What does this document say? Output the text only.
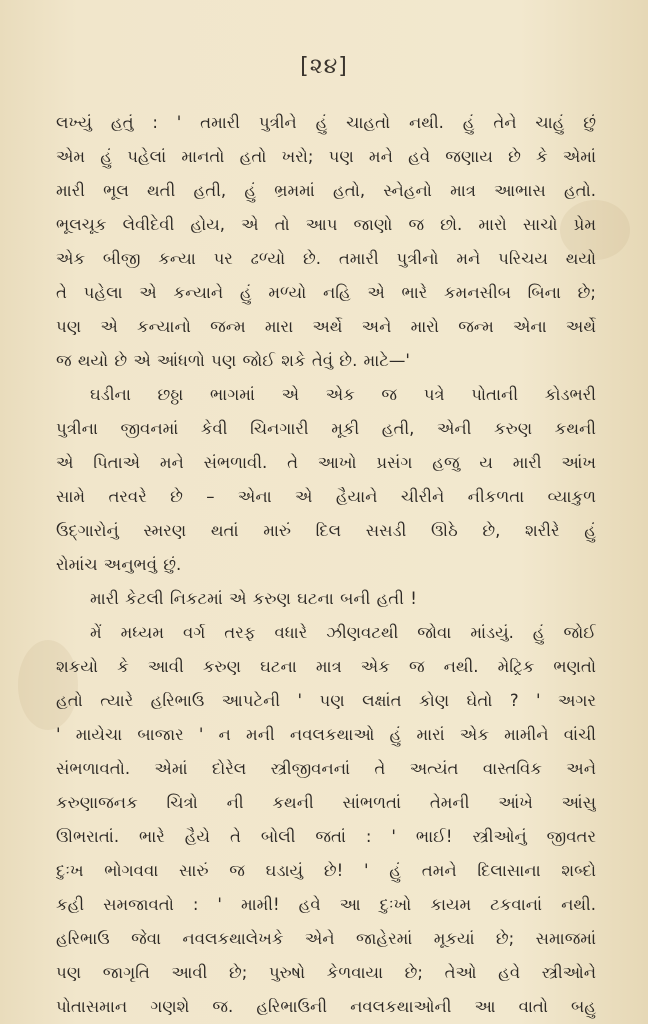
[૨૪]
લખ્યું હતું : ' તમારી પુત્રીને હું ચાહતો નથી. હું તેને ચાહું છું
એમ હું પહેલાં માનતો હતો ખરો; પણ મને હવે જણાય છે કે એમાં
મારી ભૂલ થતી હતી, હું ભ્રમમાં હતો, સ્નેહનો માત્ર આભાસ હતો.
ભૂલચૂક લેવીદેવી હોય, એ તો આપ જાણો જ છો. મારો સાચો પ્રેમ
એક બીજી કન્યા પર ઢળ્યો છે. તમારી પુત્રીનો મને પરિચય થયો
તે પહેલા એ કન્યાને હું મળ્યો નહિ એ ભારે કમનસીબ બિના છે;
પણ એ કન્યાનો જન્મ મારા અર્થે અને મારો જન્મ એના અર્થે
જ થયો છે એ આંધળો પણ જોઈ શકે તેવું છે. માટે—'
ઘડીના છઠ્ઠા ભાગમાં એ એક જ પત્રે પોતાની કોડભરી
પુત્રીના જીવનમાં કેવી ચિનગારી મૂકી હતી, એની કરુણ કથની
એ પિતાએ મને સંભળાવી. તે આખો પ્રસંગ હજુ ય મારી આંખ
સામે તરવરે છે – એના એ હૈયાને ચીરીને નીકળતા વ્યાકુળ
ઉદ્ગારોનું સ્મરણ થતાં મારું દિલ સસડી ઊઠે છે, શરીરે હું
રોમાંચ અનુભવું છું.
મારી કેટલી નિકટમાં એ કરુણ ઘટના બની હતી !
મેં મધ્યમ વર્ગ તરફ વધારે ઝીણવટથી જોવા માંડયું. હું જોઈ
શકયો કે આવી કરુણ ઘટના માત્ર એક જ નથી. મેટ્રિક ભણતો
હતો ત્યારે હરિભાઉ આપટેની ' પણ લક્ષાંત કોણ ઘેતો ? ' અગર
' માયેચા બાજાર ' ન મની નવલકથાઓ હું મારાં એક મામીને વાંચી
સંભળાવતો. એમાં દોરેલ સ્ત્રીજીવનનાં તે અત્યંત વાસ્તવિક અને
કરુણાજનક ચિત્રો ની કથની સાંભળતાં તેમની આંખે આંસુ
ઊભરાતાં. ભારે હૈયે તે બોલી જતાં : ' ભાઈ! સ્ત્રીઓનું જીવતર
દુઃખ ભોગવવા સારું જ ઘડાયું છે! ' હું તમને દિલાસાના શબ્દો
કહી સમજાવતો : ' મામી! હવે આ દુઃખો કાયમ ટકવાનાં નથી.
હરિભાઉ જેવા નવલકથાલેખકે એને જાહેરમાં મૂકયાં છે; સમાજમાં
પણ જાગૃતિ આવી છે; પુરુષો કેળવાયા છે; તેઓ હવે સ્ત્રીઓને
પોતાસમાન ગણશે જ. હરિભાઉની નવલકથાઓની આ વાતો બહુ
